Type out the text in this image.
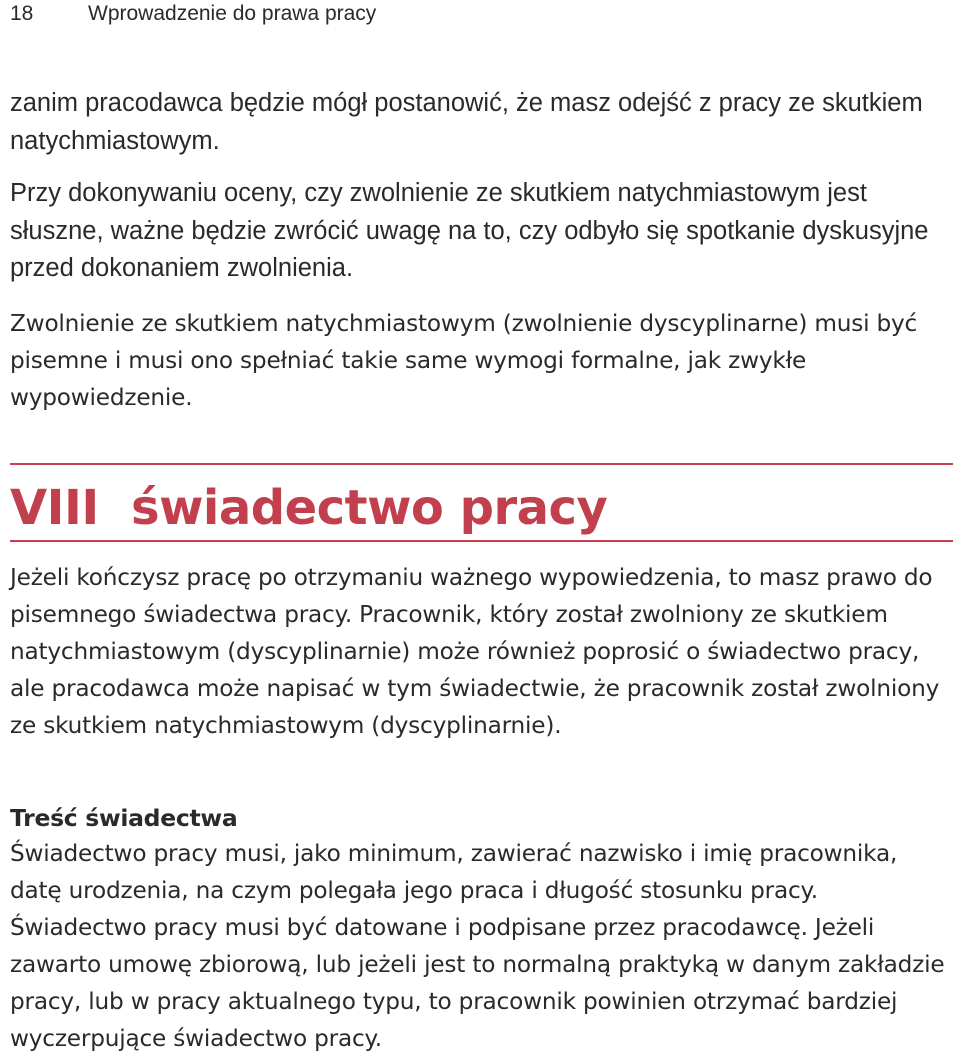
18	Wprowadzenie do prawa pracy

zanim pracodawca będzie mógł postanowić, że masz odejść z pracy ze skutkiem natychmiastowym.

Przy dokonywaniu oceny, czy zwolnienie ze skutkiem natychmiastowym jest słuszne, ważne będzie zwrócić uwagę na to, czy odbyło się spotkanie dyskusyjne przed dokonaniem zwolnienia.

Zwolnienie ze skutkiem natychmiastowym (zwolnienie dyscyplinarne) musi być pisemne i musi ono spełniać takie same wymogi formalne, jak zwykłe wypowiedzenie.

VIII świadectwo pracy

Jeżeli kończysz pracę po otrzymaniu ważnego wypowiedzenia, to masz prawo do pisemnego świadectwa pracy. Pracownik, który został zwolniony ze skutkiem natychmiastowym (dyscyplinarnie) może również poprosić o świadectwo pracy, ale pracodawca może napisać w tym świadectwie, że pracownik został zwolniony ze skutkiem natychmiastowym (dyscyplinarnie).

Treść świadectwa

Świadectwo pracy musi, jako minimum, zawierać nazwisko i imię pracownika, datę urodzenia, na czym polegała jego praca i długość stosunku pracy. Świadectwo pracy musi być datowane i podpisane przez pracodawcę. Jeżeli zawarto umowę zbiorową, lub jeżeli jest to normalną praktyką w danym zakładzie pracy, lub w pracy aktualnego typu, to pracownik powinien otrzymać bardziej wyczerpujące świadectwo pracy.
